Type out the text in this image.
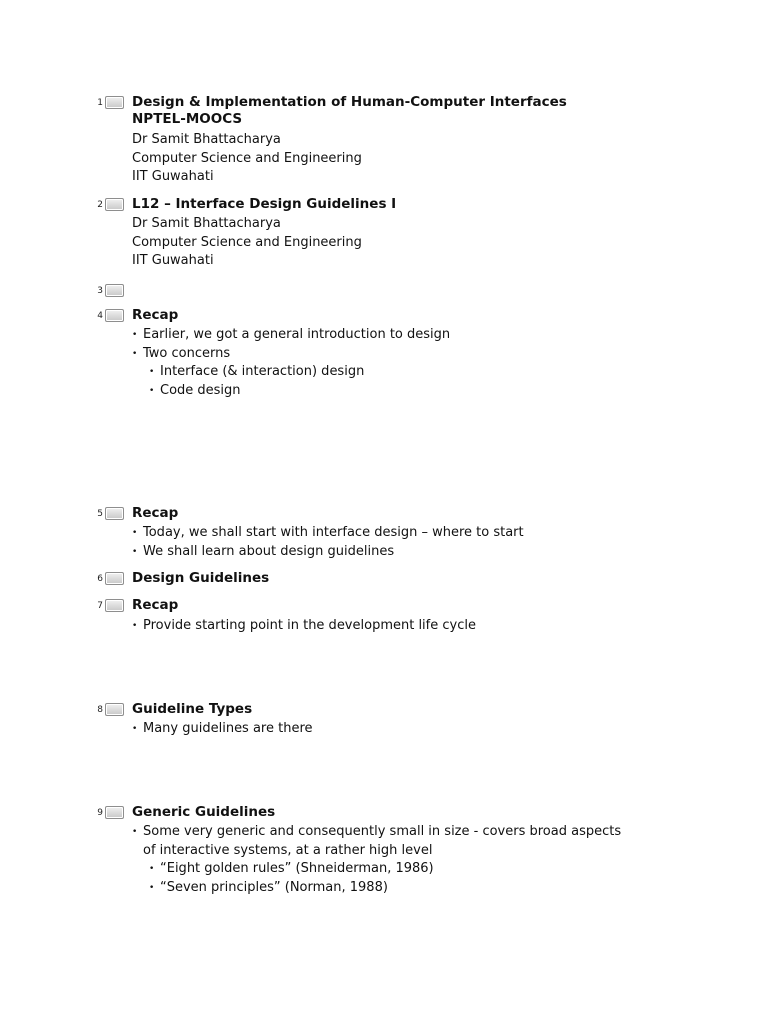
1 Design & Implementation of Human-Computer Interfaces
NPTEL-MOOCS
Dr Samit Bhattacharya
Computer Science and Engineering
IIT Guwahati
2 L12 – Interface Design Guidelines I
Dr Samit Bhattacharya
Computer Science and Engineering
IIT Guwahati
3
4 Recap
• Earlier, we got a general introduction to design
• Two concerns
• Interface (& interaction) design
• Code design
5 Recap
• Today, we shall start with interface design – where to start
• We shall learn about design guidelines
6 Design Guidelines
7 Recap
• Provide starting point in the development life cycle
8 Guideline Types
• Many guidelines are there
9 Generic Guidelines
• Some very generic and consequently small in size - covers broad aspects of interactive systems, at a rather high level
• “Eight golden rules” (Shneiderman, 1986)
• “Seven principles” (Norman, 1988)
